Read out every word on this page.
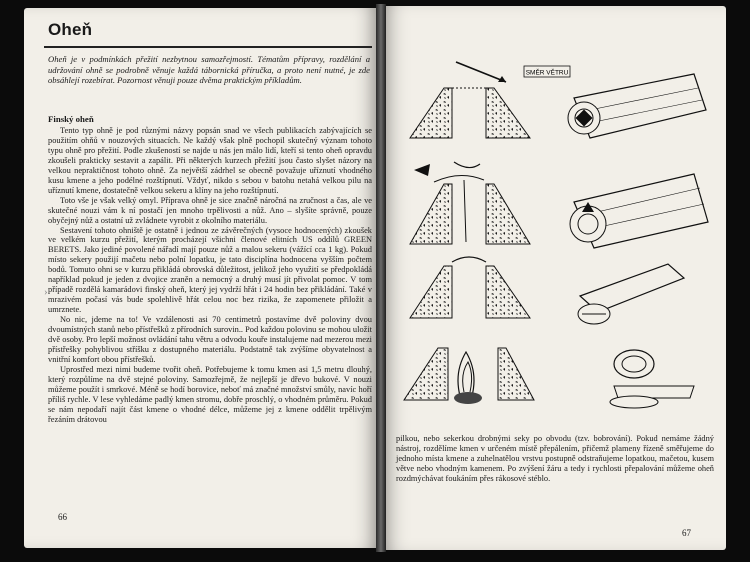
Oheň

Oheň je v podmínkách přežití nezbytnou samozřejmostí. Tématům přípravy, rozdělání a udržování ohně se podrobně věnuje každá tábornická příručka, a proto není nutné, je zde obsáhlejí rozebírat. Pozornost věnuji pouze dvěma praktickým příkladům.

Finský oheň

Tento typ ohně je pod různými názvy popsán snad ve všech publikacích zabývajících se použitím ohňů v nouzových situacích. Ne každý však plně pochopil skutečný význam tohoto typu ohně pro přežití. Podle zkušeností se najde u nás jen málo lidí, kteří si tento oheň opravdu zkoušeli prakticky sestavit a zapálit. Při některých kurzech přežití jsou často slyšet názory na velkou nepraktičnost tohoto ohně. Za největší zádrhel se obecně považuje uříznutí vhodného kusu kmene a jeho podélné rozštípnutí. Vždyť, nikdo s sebou v batohu netahá velkou pilu na uříznutí kmene, dostatečně velkou sekeru a klíny na jeho rozštípnutí.

Toto vše je však velký omyl. Příprava ohně je sice značně náročná na zručnost a čas, ale ve skutečné nouzi vám k ní postačí jen mnoho trpělivosti a nůž. Ano – slyšíte správně, pouze obyčejný nůž a ostatní už zvládnete vyrobit z okolního materiálu.

Sestavení tohoto ohniště je ostatně i jednou ze závěrečných (vysoce hodnocených) zkoušek ve velkém kurzu přežití, kterým procházejí všichni členové elitních US oddílů GREEN BERETS. Jako jediné povolené nářadí mají pouze nůž a malou sekeru (vážící cca 1 kg). Pokud místo sekery použijí mačetu nebo polní lopatku, je tato disciplína hodnocena vyšším počtem bodů. Tomuto ohni se v kurzu přikládá obrovská důležitost, jelikož jeho využití se předpokládá například pokud je jeden z dvojice zraněn a nemocný a druhý musí jít přivolat pomoc. V tom případě rozdělá kamarádovi finský oheň, který jej vydrží hřát i 24 hodin bez přikládání. Také v mrazivém počasí vás bude spolehlivě hřát celou noc bez rizika, že zapomenete přiložit a umrznete.

No nic, jdeme na to! Ve vzdálenosti asi 70 centimetrů postavíme dvě poloviny dvou dvoumístných stanů nebo přístřešků z přírodních surovin.. Pod každou polovinu se mohou uložit dvě osoby. Pro lepší možnost ovládání tahu větru a odvodu kouře instalujeme nad mezerou mezi přístřešky pohyblivou stříšku z dostupného materiálu. Podstatně tak zvýšíme obyvatelnost a vnitřní komfort obou přístřešků.

Uprostřed mezi nimi budeme tvořit oheň. Potřebujeme k tomu kmen asi 1,5 metru dlouhý, který rozpůlíme na dvě stejné poloviny. Samozřejmě, že nejlepší je dřevo bukové. V nouzi můžeme použít i smrkové. Méně se hodí borovice, neboť má značné množství smůly, navíc hoří příliš rychle. V lese vyhledáme padlý kmen stromu, dobře proschlý, o vhodném průměru. Pokud se nám nepodaří najít část kmene o vhodné délce, můžeme jej z kmene oddělit trpělivým řezáním drátovou

›
66
SMĚR VĚTRU

pilkou, nebo sekerkou drobnými seky po obvodu (tzv. bobrování). Pokud nemáme žádný nástroj, rozdělíme kmen v určeném místě přepálením, přičemž plameny řízeně směřujeme do jednoho místa kmene a zuhelnatělou vrstvu postupně odstraňujeme lopatkou, mačetou, kusem větve nebo vhodným kamenem. Po zvýšení žáru a tedy i rychlosti přepalování můžeme oheň rozdmýchávat foukáním přes rákosové stéblo.

67
